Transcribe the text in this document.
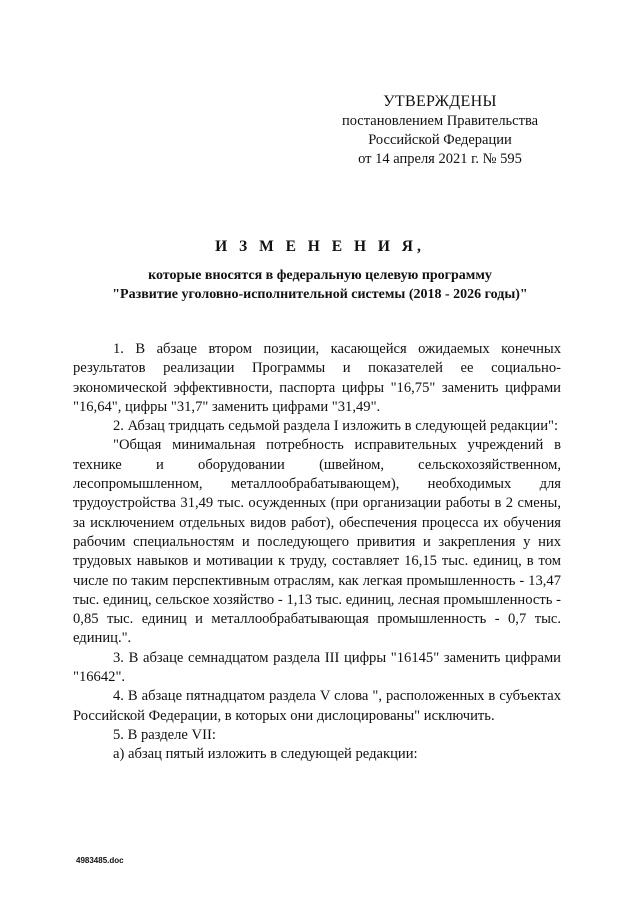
УТВЕРЖДЕНЫ
постановлением Правительства
Российской Федерации
от 14 апреля 2021 г. № 595
И З М Е Н Е Н И Я,
которые вносятся в федеральную целевую программу
"Развитие уголовно-исполнительной системы (2018 - 2026 годы)"

1. В абзаце втором позиции, касающейся ожидаемых конечных результатов реализации Программы и показателей ее социально-экономической эффективности, паспорта цифры "16,75" заменить цифрами "16,64", цифры "31,7" заменить цифрами "31,49".

2. Абзац тридцать седьмой раздела I изложить в следующей редакции":

"Общая минимальная потребность исправительных учреждений в технике и оборудовании (швейном, сельскохозяйственном, лесопромышленном, металлообрабатывающем), необходимых для трудоустройства 31,49 тыс. осужденных (при организации работы в 2 смены, за исключением отдельных видов работ), обеспечения процесса их обучения рабочим специальностям и последующего привития и закрепления у них трудовых навыков и мотивации к труду, составляет 16,15 тыс. единиц, в том числе по таким перспективным отраслям, как легкая промышленность - 13,47 тыс. единиц, сельское хозяйство - 1,13 тыс. единиц, лесная промышленность - 0,85 тыс. единиц и металлообрабатывающая промышленность - 0,7 тыс. единиц.".

3. В абзаце семнадцатом раздела III цифры "16145" заменить цифрами "16642".

4. В абзаце пятнадцатом раздела V слова ", расположенных в субъектах Российской Федерации, в которых они дислоцированы" исключить.

5. В разделе VII:

а) абзац пятый изложить в следующей редакции:

4983485.doc
